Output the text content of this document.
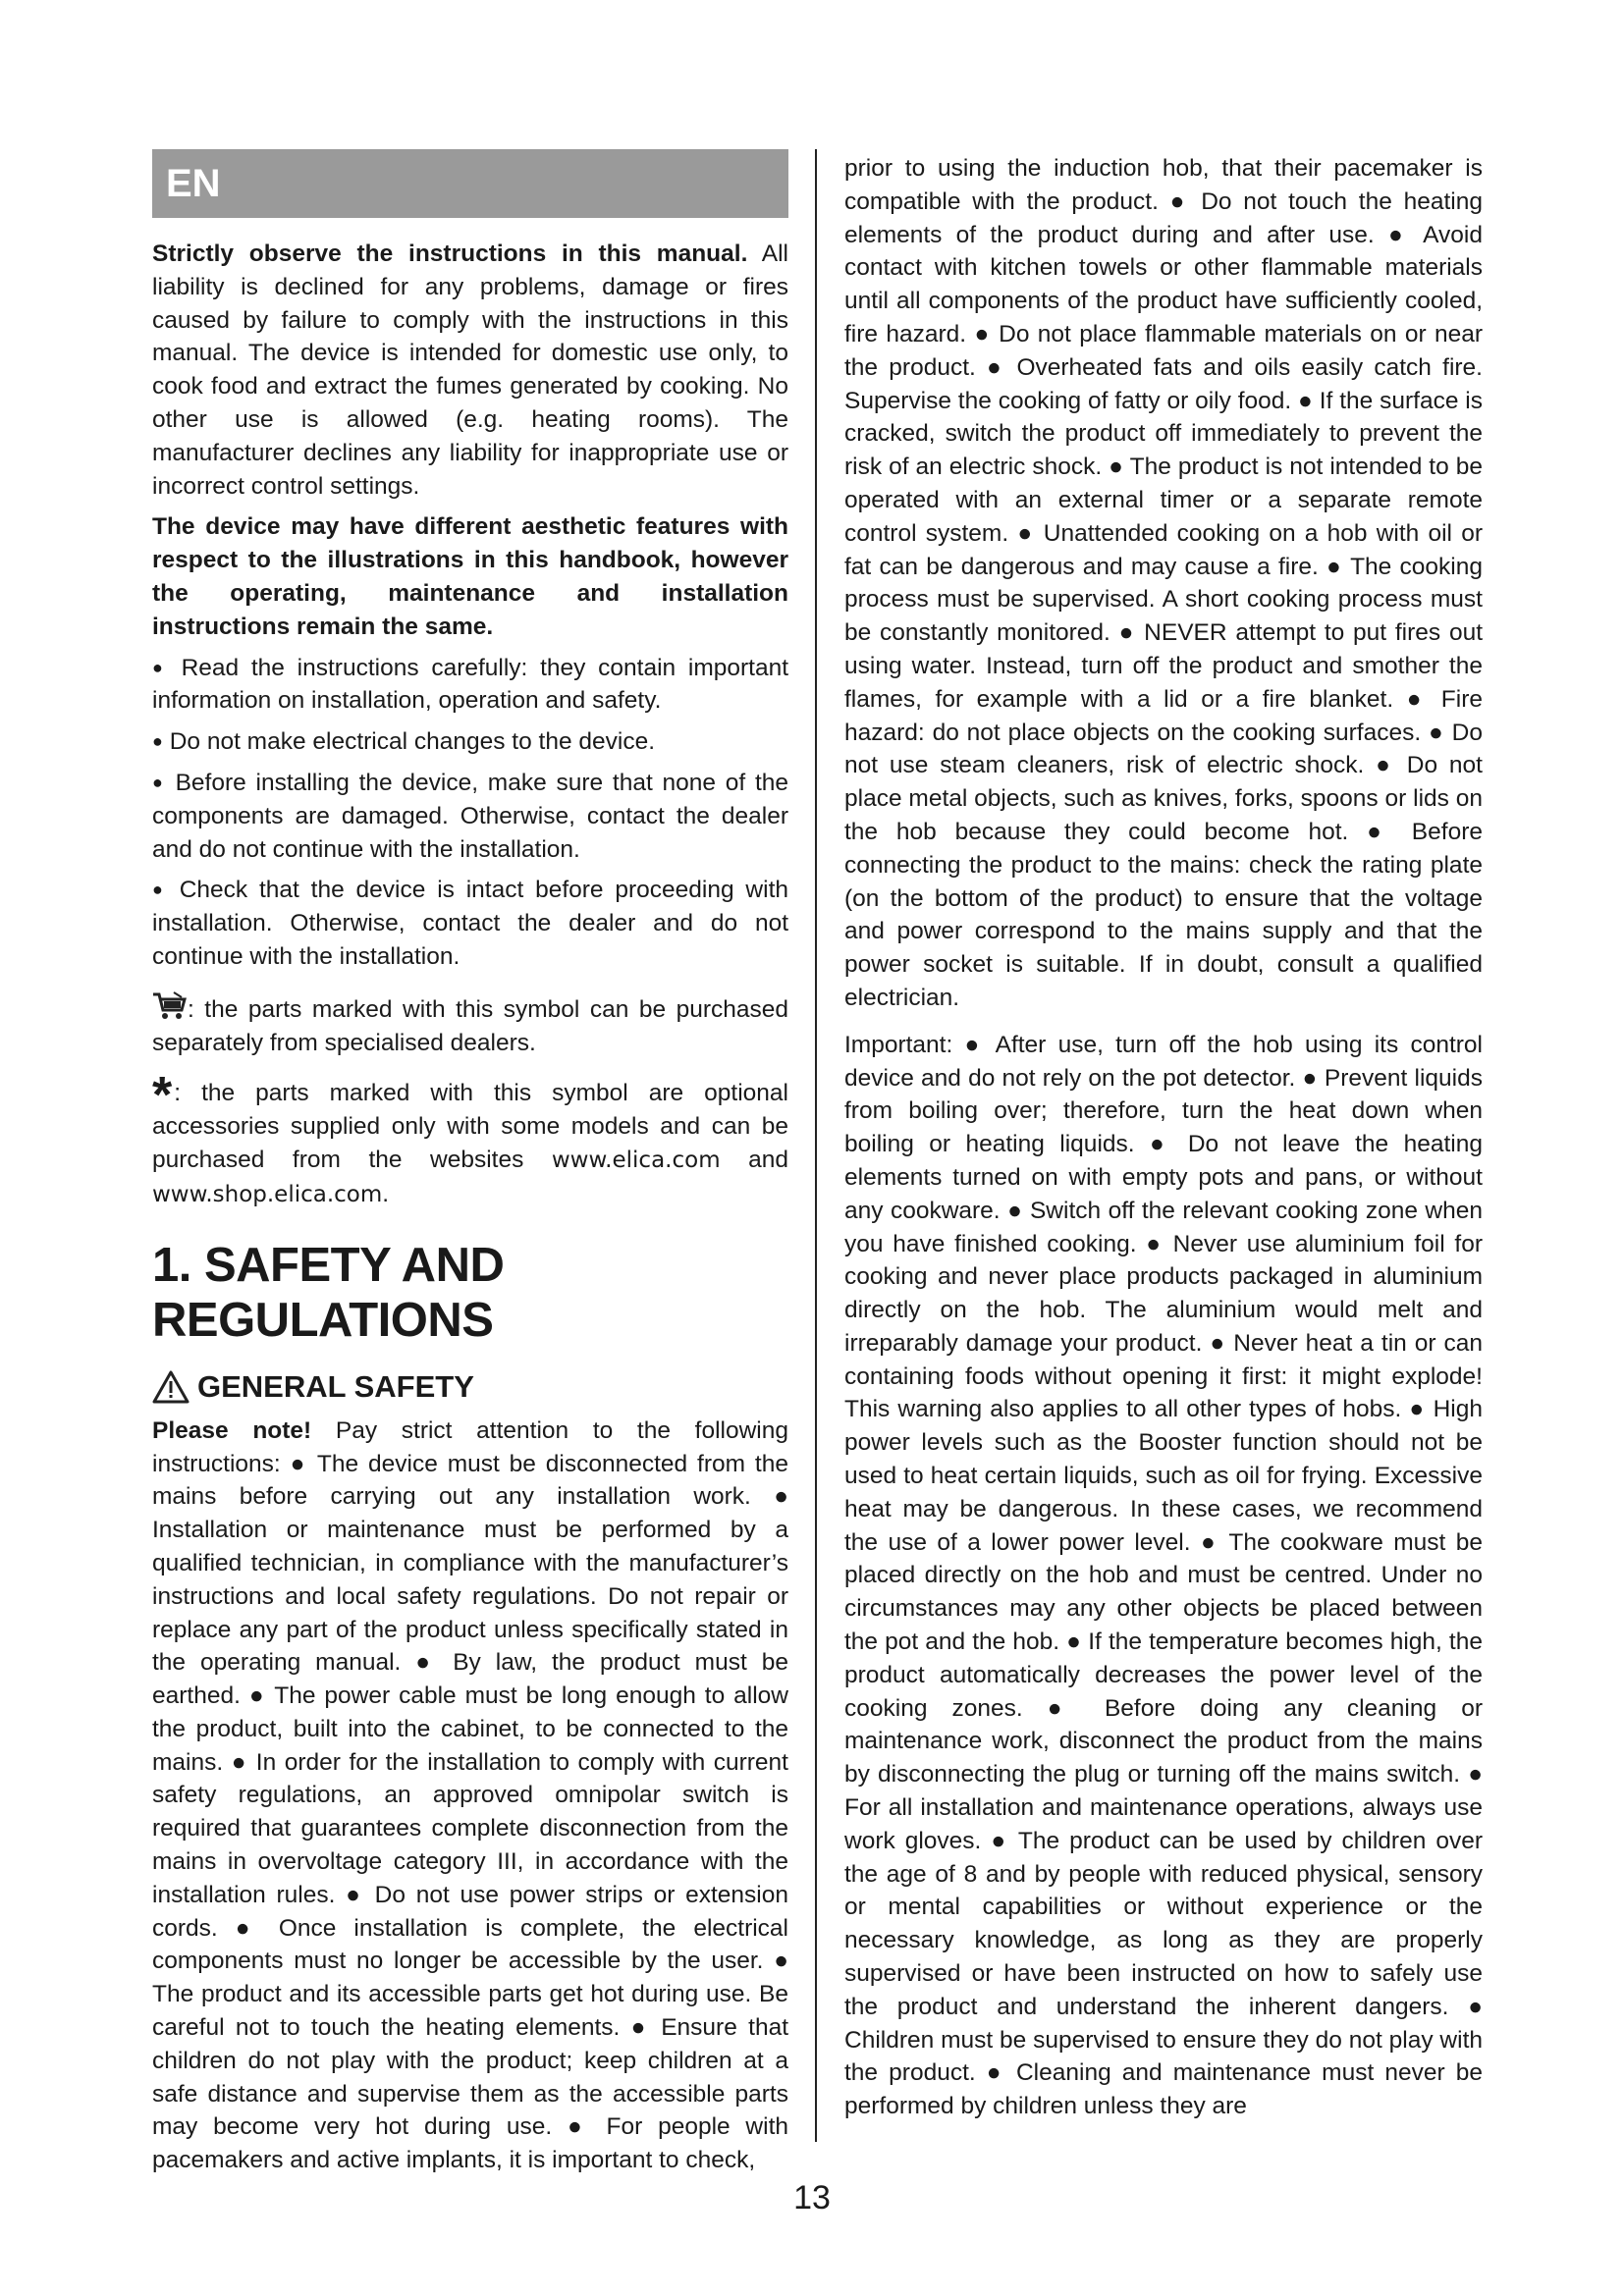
EN

Strictly observe the instructions in this manual. All liability is declined for any problems, damage or fires caused by failure to comply with the instructions in this manual. The device is intended for domestic use only, to cook food and extract the fumes generated by cooking. No other use is allowed (e.g. heating rooms). The manufacturer declines any liability for inappropriate use or incorrect control settings.

The device may have different aesthetic features with respect to the illustrations in this handbook, however the operating, maintenance and installation instructions remain the same.

● Read the instructions carefully: they contain important information on installation, operation and safety.

● Do not make electrical changes to the device.

● Before installing the device, make sure that none of the components are damaged. Otherwise, contact the dealer and do not continue with the installation.

● Check that the device is intact before proceeding with installation. Otherwise, contact the dealer and do not continue with the installation.

: the parts marked with this symbol can be purchased separately from specialised dealers.

*: the parts marked with this symbol are optional accessories supplied only with some models and can be purchased from the websites www.elica.com and www.shop.elica.com.

1. SAFETY AND REGULATIONS
GENERAL SAFETY

Please note! Pay strict attention to the following instructions: ● The device must be disconnected from the mains before carrying out any installation work. ● Installation or maintenance must be performed by a qualified technician, in compliance with the manufacturer’s instructions and local safety regulations. Do not repair or replace any part of the product unless specifically stated in the operating manual. ● By law, the product must be earthed. ● The power cable must be long enough to allow the product, built into the cabinet, to be connected to the mains. ● In order for the installation to comply with current safety regulations, an approved omnipolar switch is required that guarantees complete disconnection from the mains in overvoltage category III, in accordance with the installation rules. ● Do not use power strips or extension cords. ● Once installation is complete, the electrical components must no longer be accessible by the user. ● The product and its accessible parts get hot during use. Be careful not to touch the heating elements. ● Ensure that children do not play with the product; keep children at a safe distance and supervise them as the accessible parts may become very hot during use. ● For people with pacemakers and active implants, it is important to check,

prior to using the induction hob, that their pacemaker is compatible with the product. ● Do not touch the heating elements of the product during and after use. ● Avoid contact with kitchen towels or other flammable materials until all components of the product have sufficiently cooled, fire hazard. ● Do not place flammable materials on or near the product. ● Overheated fats and oils easily catch fire. Supervise the cooking of fatty or oily food. ● If the surface is cracked, switch the product off immediately to prevent the risk of an electric shock. ● The product is not intended to be operated with an external timer or a separate remote control system. ● Unattended cooking on a hob with oil or fat can be dangerous and may cause a fire. ● The cooking process must be supervised. A short cooking process must be constantly monitored. ● NEVER attempt to put fires out using water. Instead, turn off the product and smother the flames, for example with a lid or a fire blanket. ● Fire hazard: do not place objects on the cooking surfaces. ● Do not use steam cleaners, risk of electric shock. ● Do not place metal objects, such as knives, forks, spoons or lids on the hob because they could become hot. ● Before connecting the product to the mains: check the rating plate (on the bottom of the product) to ensure that the voltage and power correspond to the mains supply and that the power socket is suitable. If in doubt, consult a qualified electrician.

Important: ● After use, turn off the hob using its control device and do not rely on the pot detector. ● Prevent liquids from boiling over; therefore, turn the heat down when boiling or heating liquids. ● Do not leave the heating elements turned on with empty pots and pans, or without any cookware. ● Switch off the relevant cooking zone when you have finished cooking. ● Never use aluminium foil for cooking and never place products packaged in aluminium directly on the hob. The aluminium would melt and irreparably damage your product. ● Never heat a tin or can containing foods without opening it first: it might explode! This warning also applies to all other types of hobs. ● High power levels such as the Booster function should not be used to heat certain liquids, such as oil for frying. Excessive heat may be dangerous. In these cases, we recommend the use of a lower power level. ● The cookware must be placed directly on the hob and must be centred. Under no circumstances may any other objects be placed between the pot and the hob. ● If the temperature becomes high, the product automatically decreases the power level of the cooking zones. ● Before doing any cleaning or maintenance work, disconnect the product from the mains by disconnecting the plug or turning off the mains switch. ● For all installation and maintenance operations, always use work gloves. ● The product can be used by children over the age of 8 and by people with reduced physical, sensory or mental capabilities or without experience or the necessary knowledge, as long as they are properly supervised or have been instructed on how to safely use the product and understand the inherent dangers. ● Children must be supervised to ensure they do not play with the product. ● Cleaning and maintenance must never be performed by children unless they are

13
